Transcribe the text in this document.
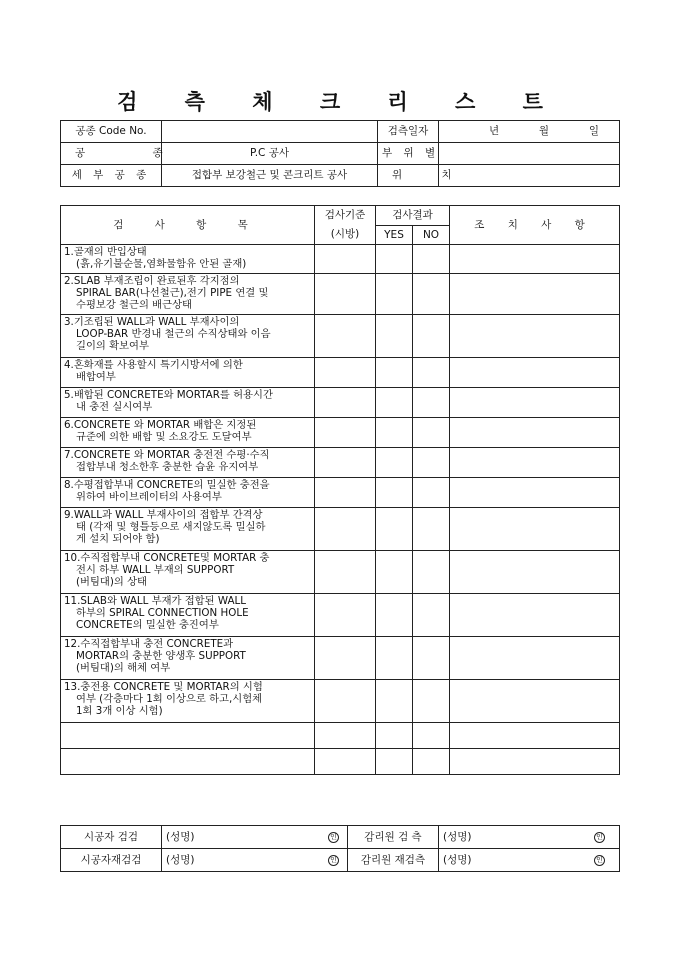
검 측 체 크 리 스 트
공종 Code No.		검측일자	년 월 일

공 종	P.C 공사	부 위 별	
세 부 공 종	접합부 보강철근 및 콘크리트 공사	위 치	
검 사 항 목	검사기준	검사결과		조 치 사 항
	(시방)	YES	NO	
1.골재의 반입상태
(흙,유기불순물,염화물함유 안된 골재)				

2.SLAB 부재조립이 완료된후 각지점의
SPIRAL BAR(나선철근),전기 PIPE 연결 및
수평보강 철근의 배근상태				

3.기조립된 WALL과 WALL 부재사이의
LOOP-BAR 반경내 철근의 수직상태와 이음
길이의 확보여부				

4.혼화재를 사용할시 특기시방서에 의한
배합여부				

5.배합된 CONCRETE와 MORTAR를 허용시간
내 충전 실시여부				

6.CONCRETE 와 MORTAR 배합은 지정된
규준에 의한 배합 및 소요강도 도달여부				

7.CONCRETE 와 MORTAR 충전전 수평·수직
접합부내 청소한후 충분한 습윤 유지여부				

8.수평접합부내 CONCRETE의 밀실한 충전을
위하여 바이브레이터의 사용여부				

9.WALL과 WALL 부재사이의 접합부 간격상
태 (각재 및 형틀등으로 새지않도록 밀실하
게 설치 되어야 함)				

10.수직접합부내 CONCRETE및 MORTAR 충
전시 하부 WALL 부재의 SUPPORT
(버팀대)의 상태				

11.SLAB와 WALL 부재가 접합된 WALL
하부의 SPIRAL CONNECTION HOLE
CONCRETE의 밀실한 충진여부				

12.수직접합부내 충전 CONCRETE과
MORTAR의 충분한 양생후 SUPPORT
(버팀대)의 해체 여부				

13.충전용 CONCRETE 및 MORTAR의 시험
여부 (각층마다 1회 이상으로 하고,시험체
1회 3개 이상 시험)				

시공자 검검	(성명) 인	감리원 검 측	(성명) 인

시공자재검검	(성명) 인	감리원 재검측	(성명) 인
